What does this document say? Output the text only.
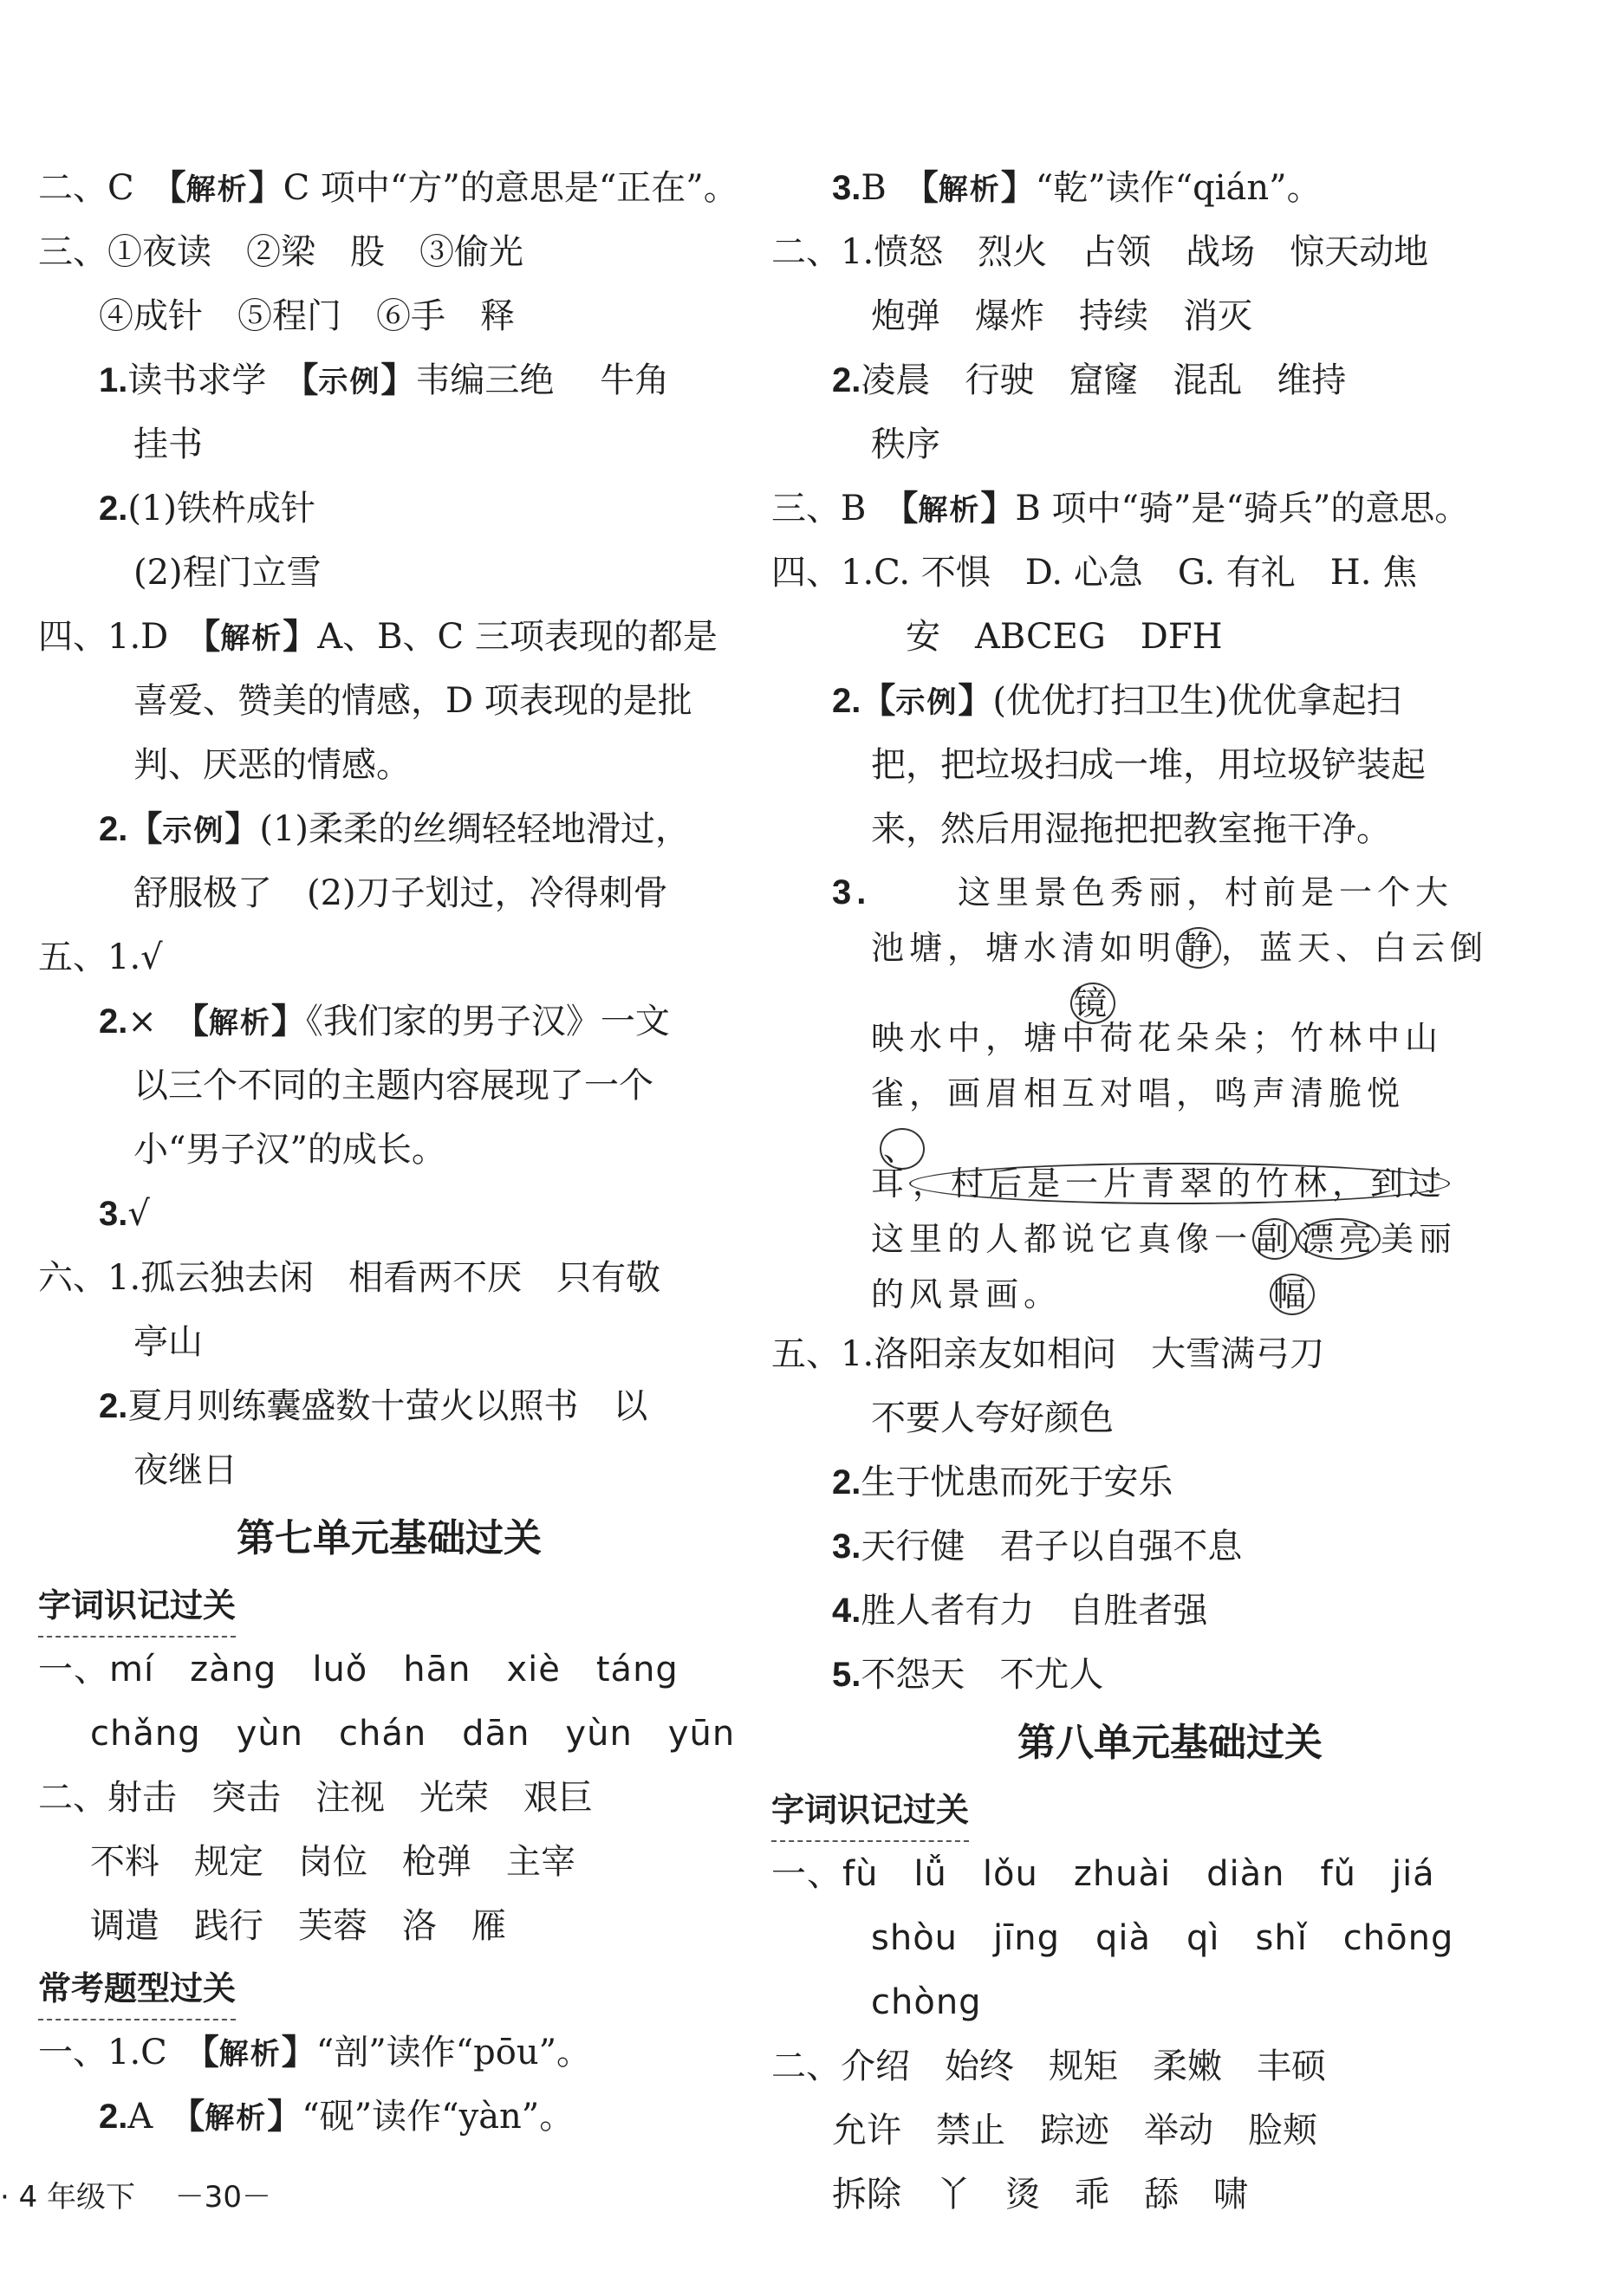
二、C　 【解析】C 项中“方”的意思是“正在”。
三、①夜读　②梁　股　③偷光
④成针　⑤程门　⑥手　释
1.读书求学　 【示例】韦编三绝　 牛角
挂书
2.(1)铁杵成针
(2)程门立雪
四、1.D　 【解析】A、B、C 三项表现的都是
喜爱、赞美的情感，D 项表现的是批
判、厌恶的情感。
2.【示例】(1)柔柔的丝绸轻轻地滑过，
舒服极了　(2)刀子划过，冷得刺骨
五、1.√
2.×　 【解析】《我们家的男子汉》一文
以三个不同的主题内容展现了一个
小“男子汉”的成长。
3.√
六、1.孤云独去闲　相看两不厌　只有敬
亭山
2.夏月则练囊盛数十萤火以照书　以
夜继日
第七单元基础过关
字词识记过关
一、mí　zàng　luǒ　hān　xiè　táng
chǎng　yùn　chán　dān　yùn　yūn
二、射击　突击　注视　光荣　艰巨
不料　规定　岗位　枪弹　主宰
调遣　践行　芙蓉　洛　雁
常考题型过关
一、1.C　 【解析】“剖”读作“pōu”。
2.A　 【解析】“砚”读作“yàn”。
3.B　 【解析】“乾”读作“qián”。
二、1.愤怒　烈火　占领　战场　惊天动地
炮弹　爆炸　持续　消灭
2.凌晨　行驶　窟窿　混乱　维持
秩序
三、B　 【解析】B 项中“骑”是“骑兵”的意思。
四、1.C. 不惧　D. 心急　G. 有礼　H. 焦
安　ABCEG　DFH
2.【示例】(优优打扫卫生)优优拿起扫
把，把垃圾扫成一堆，用垃圾铲装起
来，然后用湿拖把把教室拖干净。
3.	这里景色秀丽，村前是一个大
池塘，塘水清如明 静 ，蓝天、白云倒
镜
映水中，塘中荷花朵朵；竹林中山
雀，画眉相互对唱，鸣声清脆悦
、
耳 ，村后是一片青翠的竹林，到过
这里的人都说它真像一 副 漂亮 美丽
的风景画。	幅
五、1.洛阳亲友如相问　大雪满弓刀
不要人夸好颜色
2.生于忧患而死于安乐
3.天行健　君子以自强不息
4.胜人者有力　自胜者强
5.不怨天　不尤人
第八单元基础过关
字词识记过关
一、fù　lǚ　lǒu　zhuài　diàn　fǔ　jiá
shòu　jīng　qià　qì　shǐ　chōng
chòng
二、介绍　始终　规矩　柔嫩　丰硕
允许　禁止　踪迹　举动　脸颊
拆除　丫　烫　乖　舔　啸
· 4 年级下 －30－
